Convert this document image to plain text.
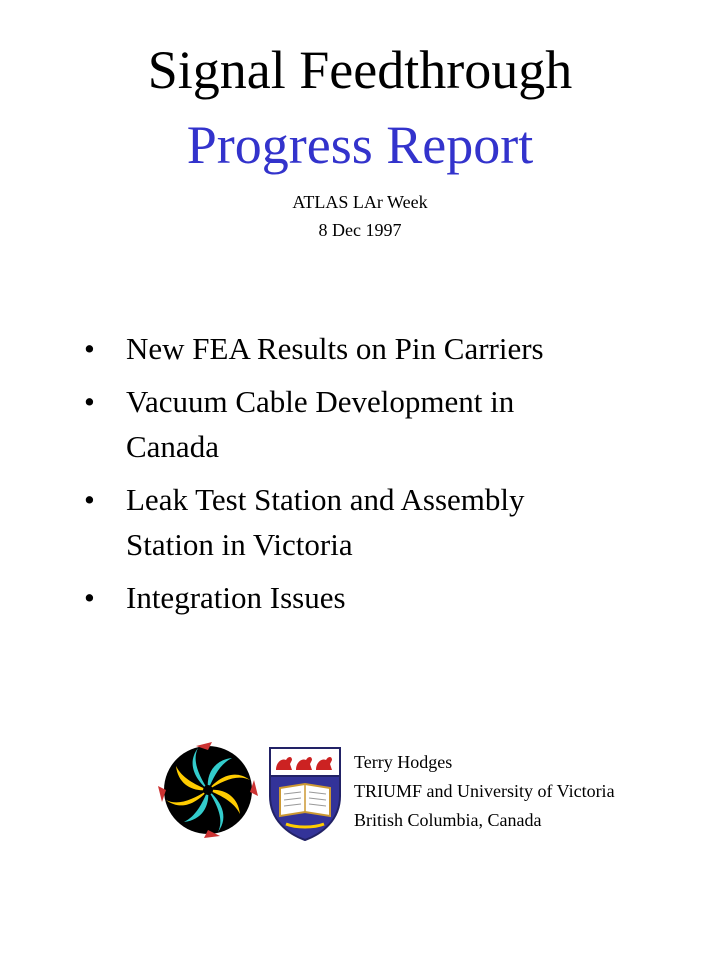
Signal Feedthrough
Progress Report
ATLAS LAr Week
8 Dec 1997
• New FEA Results on Pin Carriers
• Vacuum Cable Development in
Canada
• Leak Test Station and Assembly
Station in Victoria
• Integration Issues
Terry Hodges
TRIUMF and University of Victoria
British Columbia, Canada
